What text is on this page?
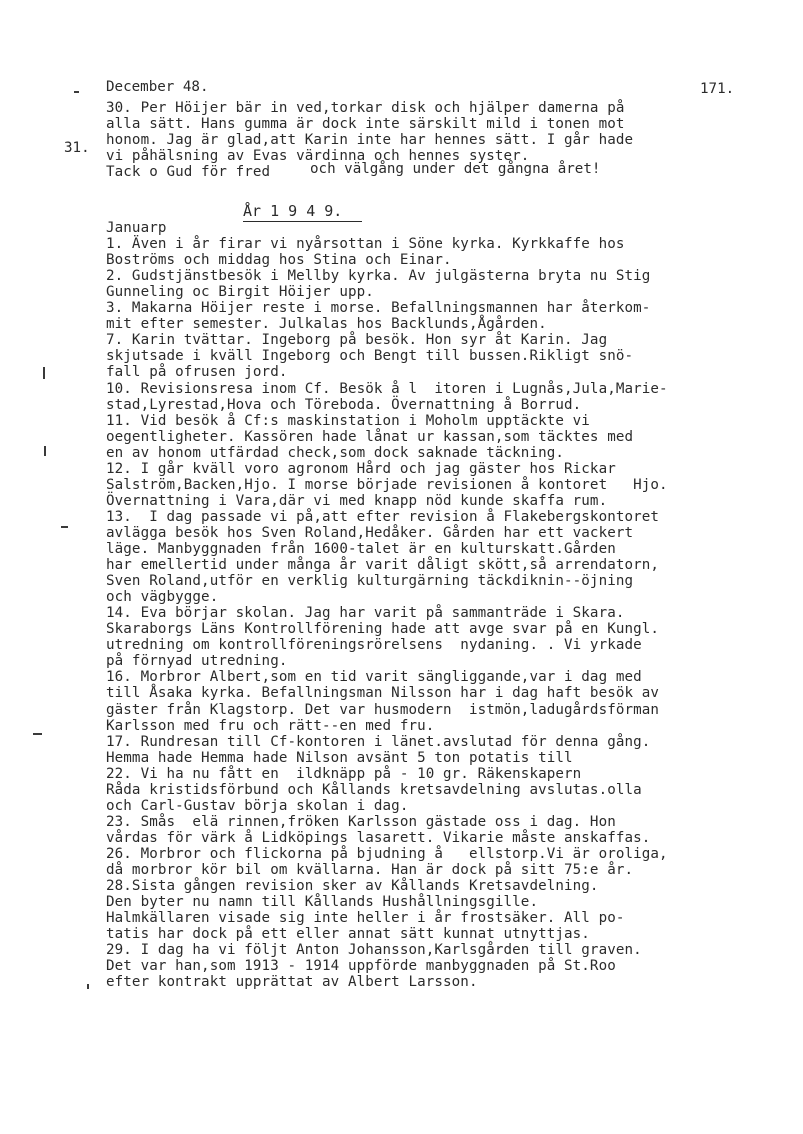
December 48.	171.
31.
30. Per Höijer bär in ved,torkar disk och hjälper damerna på
alla sätt. Hans gumma är dock inte särskilt mild i tonen mot
honom. Jag är glad,att Karin inte har hennes sätt. I går hade
vi påhälsning av Evas värdinna och hennes syster.
Tack o Gud för fred	och välgång under det gångna året!
År 1 9 4 9.
Januarp
1. Även i år firar vi nyårsottan i Söne kyrka. Kyrkkaffe hos
Boströms och middag hos Stina och Einar.
2. Gudstjänstbesök i Mellby kyrka. Av julgästerna bryta nu Stig
Gunneling oc Birgit Höijer upp.
3. Makarna Höijer reste i morse. Befallningsmannen har återkom-
mit efter semester. Julkalas hos Backlunds,Ågården.
7. Karin tvättar. Ingeborg på besök. Hon syr åt Karin. Jag
skjutsade i kväll Ingeborg och Bengt till bussen.Rikligt snö-
fall på ofrusen jord.
10. Revisionsresa inom Cf. Besök å l  itoren i Lugnås,Jula,Marie-
stad,Lyrestad,Hova och Töreboda. Övernattning å Borrud.
11. Vid besök å Cf:s maskinstation i Moholm upptäckte vi
oegentligheter. Kassören hade lånat ur kassan,som täcktes med
en av honom utfärdad check,som dock saknade täckning.
12. I går kväll voro agronom Hård och jag gäster hos Rickar
Salström,Backen,Hjo. I morse började revisionen å kontoret   Hjo.
Övernattning i Vara,där vi med knapp nöd kunde skaffa rum.
13.  I dag passade vi på,att efter revision å Flakebergskontoret
avlägga besök hos Sven Roland,Hedåker. Gården har ett vackert
läge. Manbyggnaden från 1600-talet är en kulturskatt.Gården
har emellertid under många år varit dåligt skött,så arrendatorn,
Sven Roland,utför en verklig kulturgärning täckdiknin--öjning
och vägbygge.
14. Eva börjar skolan. Jag har varit på sammanträde i Skara.
Skaraborgs Läns Kontrollförening hade att avge svar på en Kungl.
utredning om kontrollföreningsrörelsens  nydaning. . Vi yrkade
på förnyad utredning.
16. Morbror Albert,som en tid varit sängliggande,var i dag med
till Åsaka kyrka. Befallningsman Nilsson har i dag haft besök av
gäster från Klagstorp. Det var husmodern  istmön,ladugårdsförman
Karlsson med fru och rätt--en med fru.
17. Rundresan till Cf-kontoren i länet.avslutad för denna gång.
Hemma hade Hemma hade Nilson avsänt 5 ton potatis till
22. Vi ha nu fått en  ildknäpp på - 10 gr. Räkenskapern
Råda kristidsförbund och Kållands kretsavdelning avslutas.olla
och Carl-Gustav börja skolan i dag.
23. Smås  elä rinnen,fröken Karlsson gästade oss i dag. Hon
vårdas för värk å Lidköpings lasarett. Vikarie måste anskaffas.
26. Morbror och flickorna på bjudning å   ellstorp.Vi är oroliga,
då morbror kör bil om kvällarna. Han är dock på sitt 75:e år.
28.Sista gången revision sker av Kållands Kretsavdelning.
Den byter nu namn till Kållands Hushållningsgille.
Halmkällaren visade sig inte heller i år frostsäker. All po-
tatis har dock på ett eller annat sätt kunnat utnyttjas.
29. I dag ha vi följt Anton Johansson,Karlsgården till graven.
Det var han,som 1913 - 1914 uppförde manbyggnaden på St.Roo
efter kontrakt upprättat av Albert Larsson.
